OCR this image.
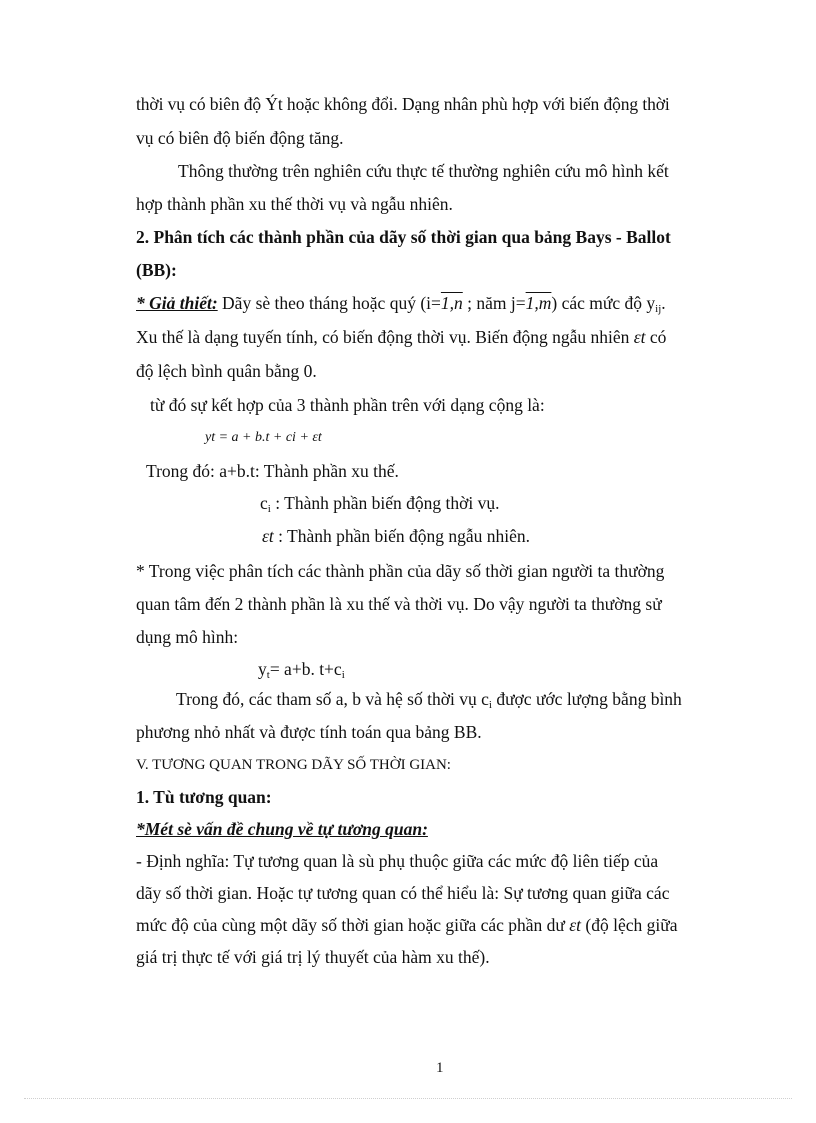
thời vụ có biên độ Ýt hoặc không đổi. Dạng nhân phù hợp với biến động thời
vụ có biên độ biến động tăng.
Thông thường trên nghiên cứu thực tế thường nghiên cứu mô hình kết
hợp thành phần xu thế thời vụ và ngẫu nhiên.
2. Phân tích các thành phần của dãy số thời gian qua bảng Bays - Ballot
(BB):
* Giả thiết: Dãy sè theo tháng hoặc quý (i=1,n ; năm j=1,m) các mức độ $y_{ij}$.
Xu thế là dạng tuyến tính, có biến động thời vụ. Biến động ngẫu nhiên εt có
độ lệch bình quân bằng 0.
từ đó sự kết hợp của 3 thành phần trên với dạng cộng là:
yt = a + b.t + ci + εt
Trong đó: a+b.t: Thành phần xu thế.
$c_i$ : Thành phần biến động thời vụ.
εt : Thành phần biến động ngẫu nhiên.
* Trong việc phân tích các thành phần của dãy số thời gian người ta thường
quan tâm đến 2 thành phần là xu thế và thời vụ. Do vậy người ta thường sử
dụng mô hình:
$y_t= a+b$. $t+c_i$
Trong đó, các tham số a, b và hệ số thời vụ $c_i$ được ước lượng bằng bình
phương nhỏ nhất và được tính toán qua bảng BB.
V. TƯƠNG QUAN TRONG DÃY SỐ THỜI GIAN:
1. Tù tương quan:
*Mét sè vấn đề chung về tự tương quan:
- Định nghĩa: Tự tương quan là sù phụ thuộc giữa các mức độ liên tiếp của
dãy số thời gian. Hoặc tự tương quan có thể hiểu là: Sự tương quan giữa các
mức độ của cùng một dãy số thời gian hoặc giữa các phần dư εt (độ lệch giữa
giá trị thực tế với giá trị lý thuyết của hàm xu thế).
1
